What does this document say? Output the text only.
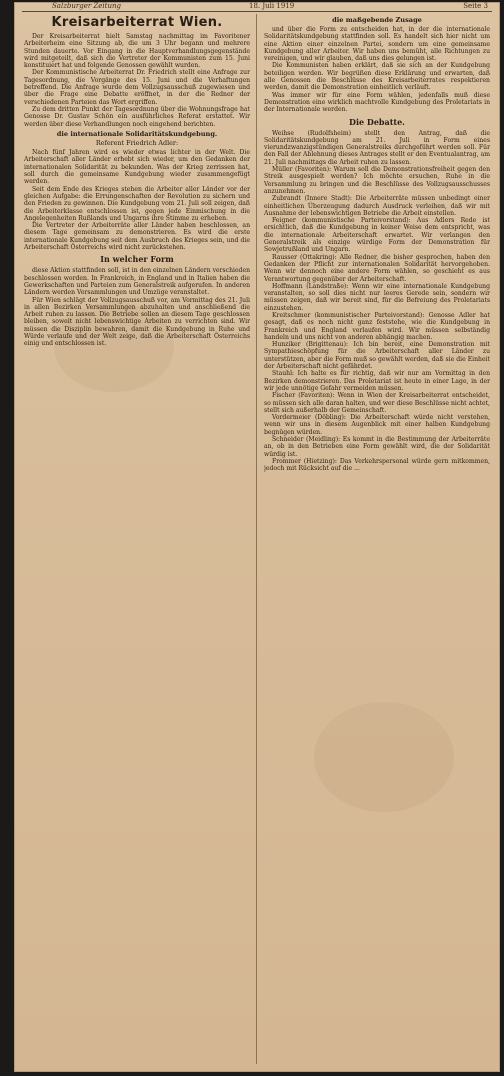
Salzburger Zeitung	18. Juli 1919	Seite 3
Kreisarbeiterrat Wien.

Der Kreisarbeiterrat hielt Samstag nachmittag im Favoritener Arbeiterheim eine Sitzung ab, die um 3 Uhr begann und mehrere Stunden dauerte. Vor Eingang in die Hauptverhandlungsgegenstände wird mitgeteilt, daß sich die Vertreter der Kommunisten zum 15. Juni konstituiert hat und folgende Genossen gewählt wurden.

Der Kommunistische Arbeiterrat Dr. Friedrich stellt eine Anfrage zur Tagesordnung, die Vorgänge des 15. Juni und die Verhaftungen betreffend. Die Anfrage wurde dem Vollzugsausschuß zugewiesen und über die Frage eine Debatte eröffnet, in der die Redner der verschiedenen Parteien das Wort ergriffen.

Zu dem dritten Punkt der Tagesordnung über die Wohnungsfrage hat Genosse Dr. Gustav Schön ein ausführliches Referat erstattet. Wir werden über diese Verhandlungen noch eingehend berichten.

die internationale Solidaritätskundgebung.
Referent Friedrich Adler:

Nach fünf Jahren wird es wieder etwas lichter in der Welt. Die Arbeiterschaft aller Länder erhebt sich wieder, um den Gedanken der internationalen Solidarität zu bekunden. Was der Krieg zerrissen hat, soll durch die gemeinsame Kundgebung wieder zusammengefügt werden.

Seit dem Ende des Krieges stehen die Arbeiter aller Länder vor der gleichen Aufgabe: die Errungenschaften der Revolution zu sichern und den Frieden zu gewinnen. Die Kundgebung vom 21. Juli soll zeigen, daß die Arbeiterklasse entschlossen ist, gegen jede Einmischung in die Angelegenheiten Rußlands und Ungarns ihre Stimme zu erheben.

Die Vertreter der Arbeiterräte aller Länder haben beschlossen, an diesem Tage gemeinsam zu demonstrieren. Es wird die erste internationale Kundgebung seit dem Ausbruch des Krieges sein, und die Arbeiterschaft Österreichs wird nicht zurückstehen.

In welcher Form

diese Aktion stattfinden soll, ist in den einzelnen Ländern verschieden beschlossen worden. In Frankreich, in England und in Italien haben die Gewerkschaften und Parteien zum Generalstreik aufgerufen. In anderen Ländern werden Versammlungen und Umzüge veranstaltet.

Für Wien schlägt der Vollzugsausschuß vor, am Vormittag des 21. Juli in allen Bezirken Versammlungen abzuhalten und anschließend die Arbeit ruhen zu lassen. Die Betriebe sollen an diesem Tage geschlossen bleiben, soweit nicht lebenswichtige Arbeiten zu verrichten sind. Wir müssen die Disziplin bewahren, damit die Kundgebung in Ruhe und Würde verlaufe und der Welt zeige, daß die Arbeiterschaft Österreichs einig und entschlossen ist.

die maßgebende Zusage

und über die Form zu entscheiden hat, in der die internationale Solidaritätskundgebung stattfinden soll. Es handelt sich hier nicht um eine Aktion einer einzelnen Partei, sondern um eine gemeinsame Kundgebung aller Arbeiter. Wir haben uns bemüht, alle Richtungen zu vereinigen, und wir glauben, daß uns dies gelungen ist.

Die Kommunisten haben erklärt, daß sie sich an der Kundgebung beteiligen werden. Wir begrüßen diese Erklärung und erwarten, daß alle Genossen die Beschlüsse des Kreisarbeiterrates respektieren werden, damit die Demonstration einheitlich verläuft.

Was immer wir für eine Form wählen, jedenfalls muß diese Demonstration eine wirklich machtvolle Kundgebung des Proletariats in der Internationale werden.

Die Debatte.

Weihse (Rudolfsheim) stellt den Antrag, daß die Solidaritätskundgebung am 21. Juli in Form eines vierundzwanzigstündigen Generalstreiks durchgeführt werden soll. Für den Fall der Ablehnung dieses Antrages stellt er den Eventualantrag, am 21. Juli nachmittags die Arbeit ruhen zu lassen.

Müller (Favoriten): Warum soll die Demonstrationsfreiheit gegen den Streik ausgespielt werden? Ich möchte ersuchen, Ruhe in die Versammlung zu bringen und die Beschlüsse des Vollzugsausschusses anzunehmen.

Zubrandt (Innere Stadt): Die Arbeiterräte müssen unbedingt einer einheitlichen Überzeugung dadurch Ausdruck verleihen, daß wir mit Ausnahme der lebenswichtigen Betriebe die Arbeit einstellen.

Feigner (kommunistische Parteivorstand): Aus Adlers Rede ist ersichtlich, daß die Kundgebung in keiner Weise dem entspricht, was die internationale Arbeiterschaft erwartet. Wir verlangen den Generalstreik als einzige würdige Form der Demonstration für Sowjetrußland und Ungarn.

Rausser (Ottakring): Alle Redner, die bisher gesprochen, haben den Gedanken der Pflicht zur internationalen Solidarität hervorgehoben. Wenn wir dennoch eine andere Form wählen, so geschieht es aus Verantwortung gegenüber der Arbeiterschaft.

Hoffmann (Landstraße): Wenn wir eine internationale Kundgebung veranstalten, so soll dies nicht nur leeres Gerede sein, sondern wir müssen zeigen, daß wir bereit sind, für die Befreiung des Proletariats einzustehen.

Kreitschmer (kommunistischer Parteivorstand): Genosse Adler hat gesagt, daß es noch nicht ganz feststehe, wie die Kundgebung in Frankreich und England verlaufen wird. Wir müssen selbständig handeln und uns nicht von anderen abhängig machen.

Hunziker (Brigittenau): Ich bin bereit, eine Demonstration mit Sympathieschöpfung für die Arbeiterschaft aller Länder zu unterstützen, aber die Form muß so gewählt werden, daß sie die Einheit der Arbeiterschaft nicht gefährdet.

Stauhl: Ich halte es für richtig, daß wir nur am Vormittag in den Bezirken demonstrieren. Das Proletariat ist heute in einer Lage, in der wir jede unnötige Gefahr vermeiden müssen.

Fischer (Favoriten): Wenn in Wien der Kreisarbeiterrat entscheidet, so müssen sich alle daran halten, und wer diese Beschlüsse nicht achtet, stellt sich außerhalb der Gemeinschaft.

Vordermeier (Döbling): Die Arbeiterschaft würde nicht verstehen, wenn wir uns in diesem Augenblick mit einer halben Kundgebung begnügen würden.

Schneider (Meidling): Es kommt in die Bestimmung der Arbeiterräte an, ob in den Betrieben eine Form gewählt wird, die der Solidarität würdig ist.

Frommer (Hietzing): Das Verkehrspersonal würde gern mitkommen, jedoch mit Rücksicht auf die ...
